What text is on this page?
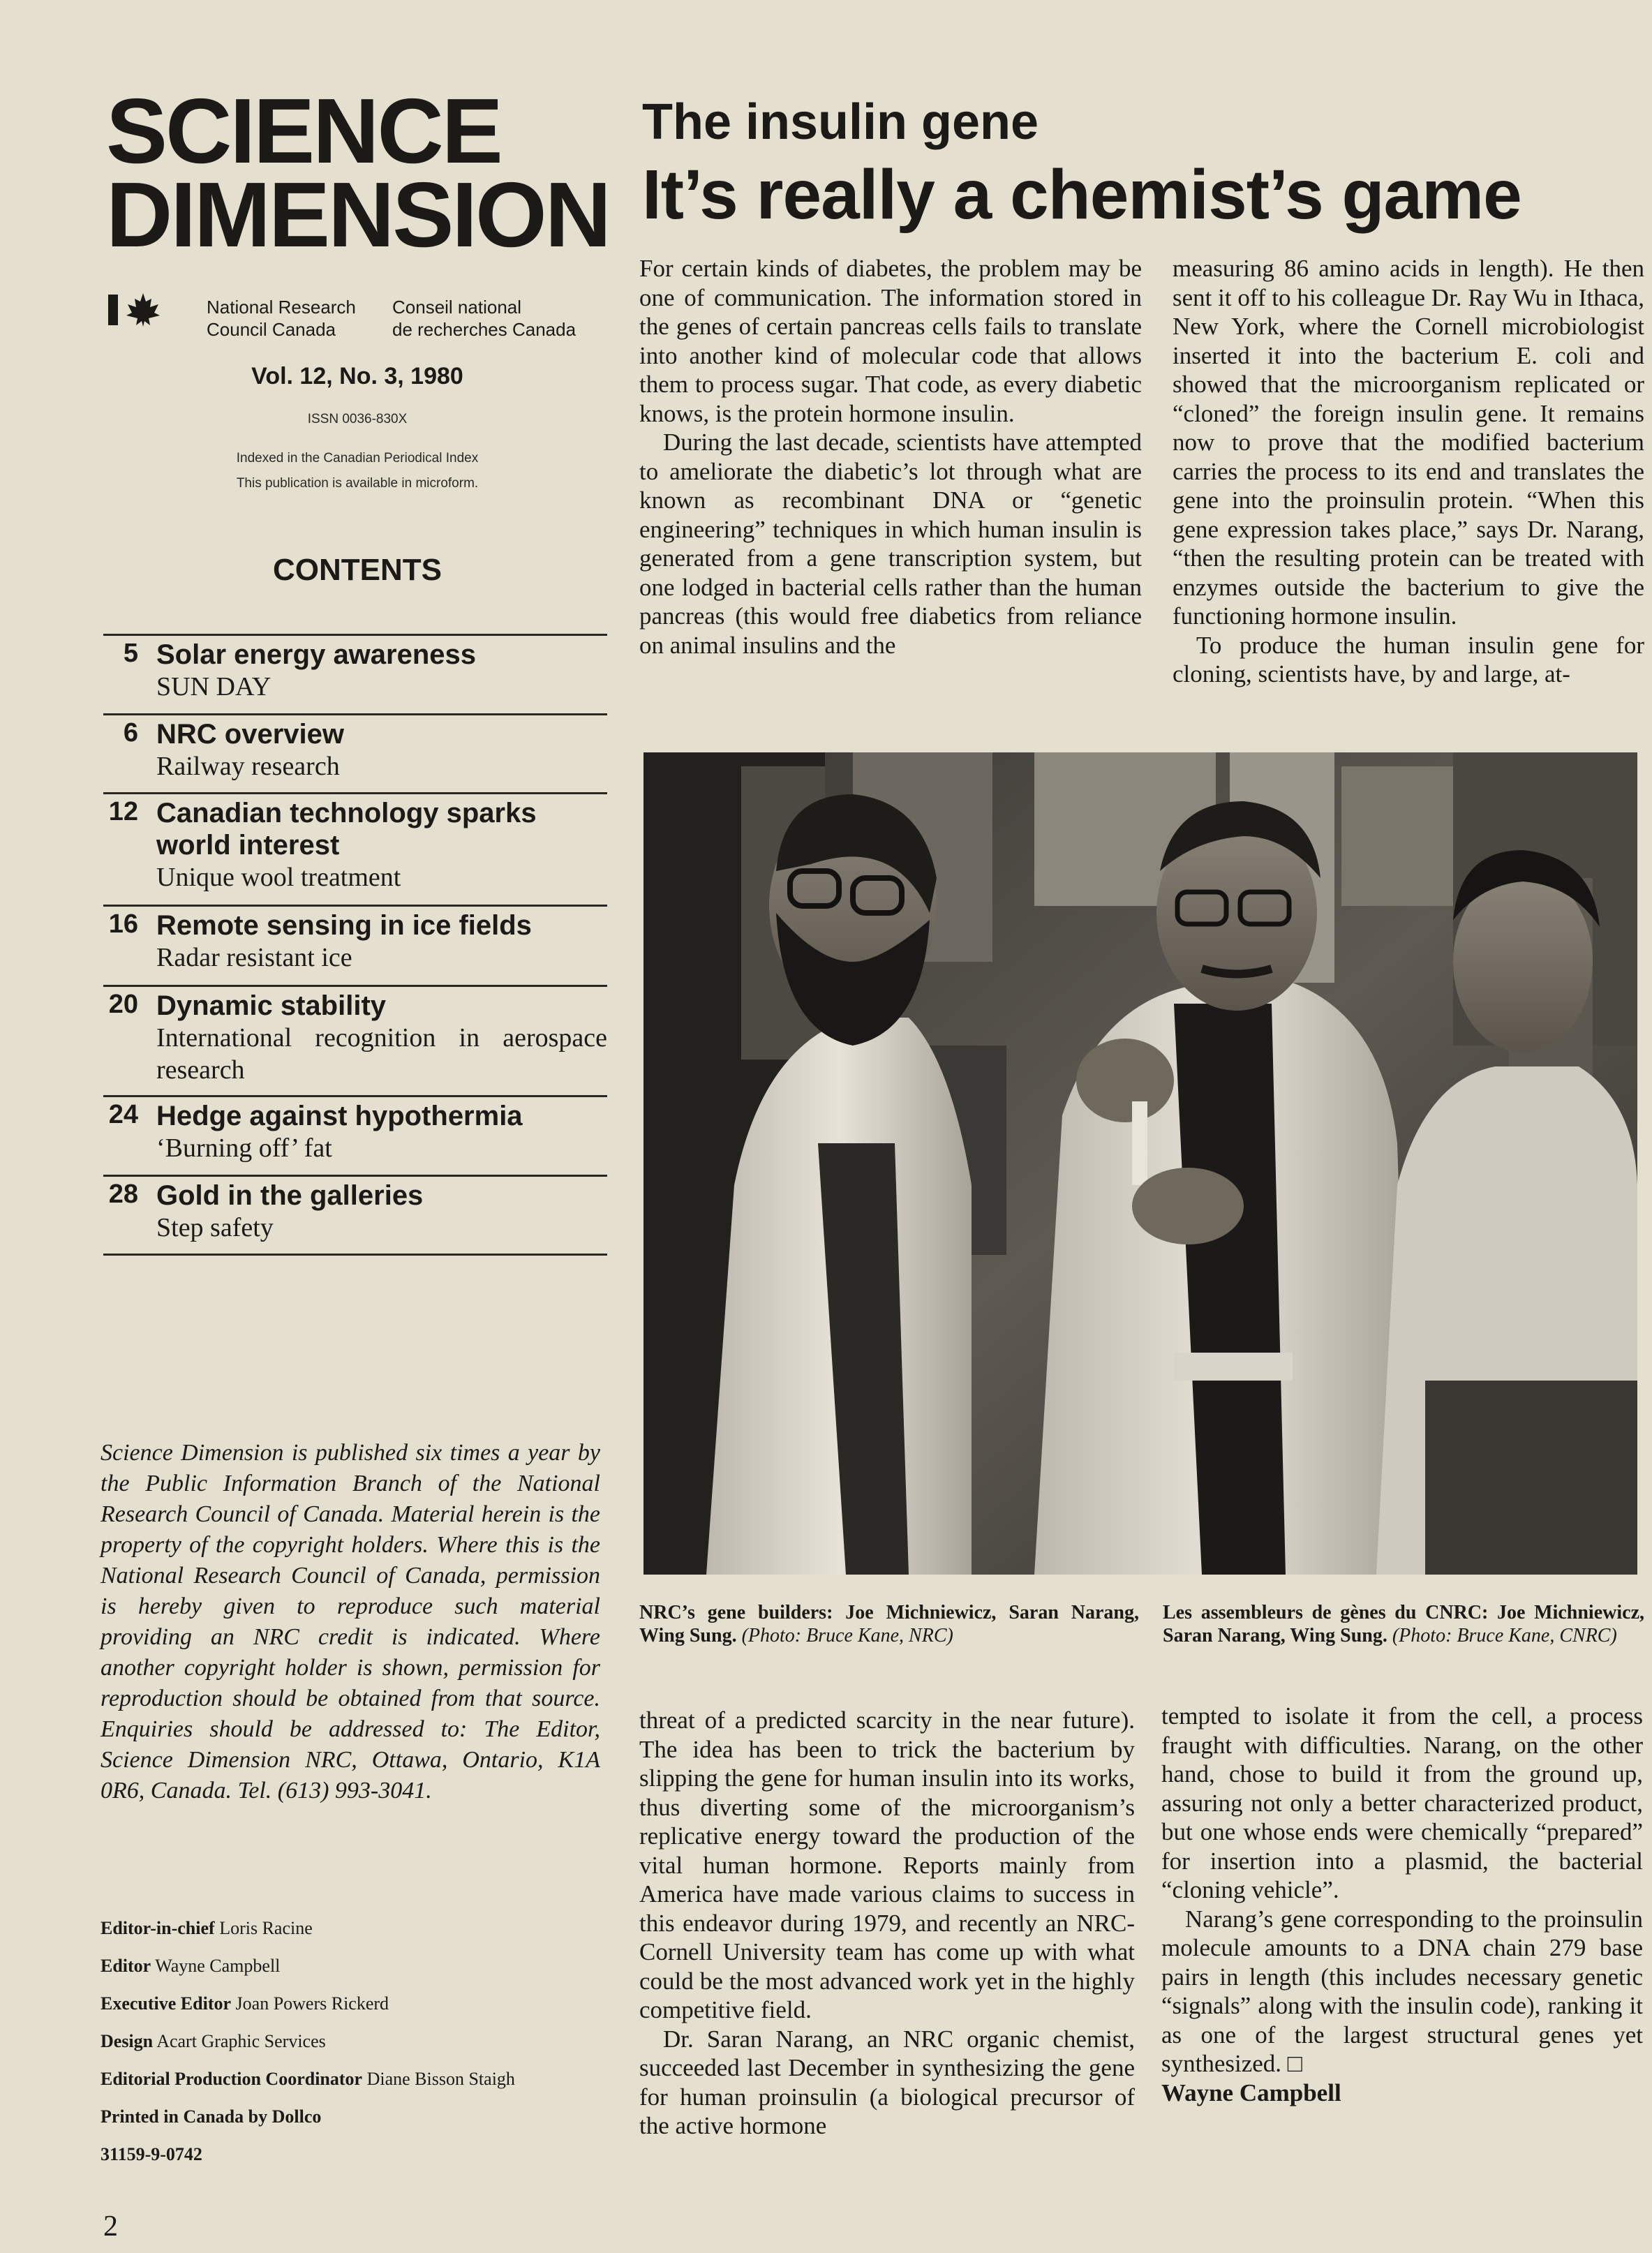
SCIENCE
DIMENSION
National Research
Council Canada
Conseil national
de recherches Canada
Vol. 12, No. 3, 1980
ISSN 0036-830X
Indexed in the Canadian Periodical Index
This publication is available in microform.
CONTENTS
5 Solar energy awareness
SUN DAY
6 NRC overview
Railway research
12 Canadian technology sparks world interest
Unique wool treatment
16 Remote sensing in ice fields
Radar resistant ice
20 Dynamic stability
International recognition in aerospace research
24 Hedge against hypothermia
‘Burning off’ fat
28 Gold in the galleries
Step safety
Science Dimension is published six times a year by the Public Information Branch of the National Research Council of Canada. Material herein is the property of the copyright holders. Where this is the National Research Council of Canada, permission is hereby given to reproduce such material providing an NRC credit is indicated. Where another copyright holder is shown, permission for reproduction should be obtained from that source. Enquiries should be addressed to: The Editor, Science Dimension NRC, Ottawa, Ontario, K1A 0R6, Canada. Tel. (613) 993-3041.
Editor-in-chief Loris Racine
Editor Wayne Campbell
Executive Editor Joan Powers Rickerd
Design Acart Graphic Services
Editorial Production Coordinator Diane Bisson Staigh
Printed in Canada by Dollco
31159-9-0742
2
The insulin gene
It’s really a chemist’s game

For certain kinds of diabetes, the problem may be one of communication. The information stored in the genes of certain pancreas cells fails to translate into another kind of molecular code that allows them to process sugar. That code, as every diabetic knows, is the protein hormone insulin.

During the last decade, scientists have attempted to ameliorate the diabetic’s lot through what are known as recombinant DNA or “genetic engineering” techniques in which human insulin is generated from a gene transcription system, but one lodged in bacterial cells rather than the human pancreas (this would free diabetics from reliance on animal insulins and the

measuring 86 amino acids in length). He then sent it off to his colleague Dr. Ray Wu in Ithaca, New York, where the Cornell microbiologist inserted it into the bacterium E. coli and showed that the microorganism replicated or “cloned” the foreign insulin gene. It remains now to prove that the modified bacterium carries the process to its end and translates the gene into the proinsulin protein. “When this gene expression takes place,” says Dr. Narang, “then the resulting protein can be treated with enzymes outside the bacterium to give the functioning hormone insulin.

To produce the human insulin gene for cloning, scientists have, by and large, at-

NRC’s gene builders: Joe Michniewicz, Saran Narang, Wing Sung. (Photo: Bruce Kane, NRC)
Les assembleurs de gènes du CNRC: Joe Michniewicz, Saran Narang, Wing Sung. (Photo: Bruce Kane, CNRC)

threat of a predicted scarcity in the near future). The idea has been to trick the bacterium by slipping the gene for human insulin into its works, thus diverting some of the microorganism’s replicative energy toward the production of the vital human hormone. Reports mainly from America have made various claims to success in this endeavor during 1979, and recently an NRC-Cornell University team has come up with what could be the most advanced work yet in the highly competitive field.

Dr. Saran Narang, an NRC organic chemist, succeeded last December in synthesizing the gene for human proinsulin (a biological precursor of the active hormone

tempted to isolate it from the cell, a process fraught with difficulties. Narang, on the other hand, chose to build it from the ground up, assuring not only a better characterized product, but one whose ends were chemically “prepared” for insertion into a plasmid, the bacterial “cloning vehicle”.

Narang’s gene corresponding to the proinsulin molecule amounts to a DNA chain 279 base pairs in length (this includes necessary genetic “signals” along with the insulin code), ranking it as one of the largest structural genes yet synthesized. □

Wayne Campbell
